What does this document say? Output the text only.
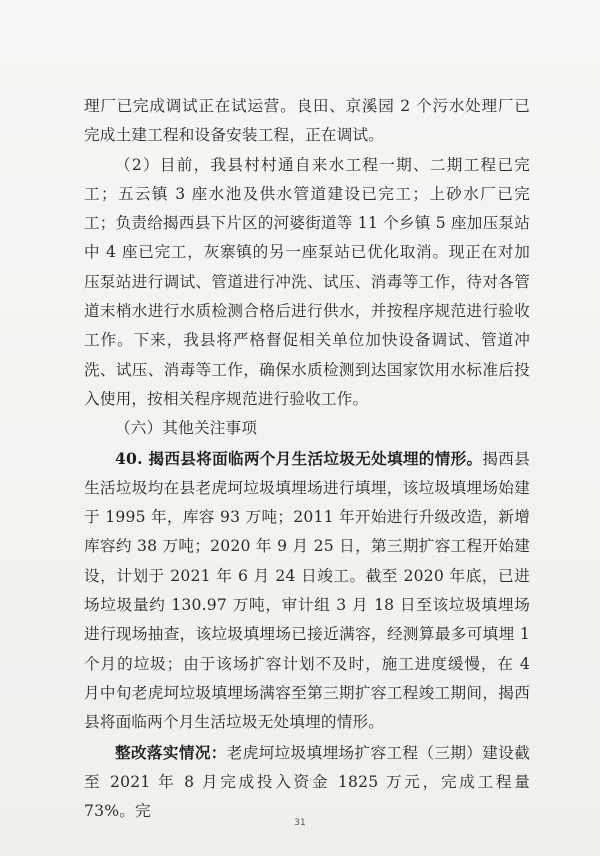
理厂已完成调试正在试运营。良田、京溪园 2 个污水处理厂已完成土建工程和设备安装工程，正在调试。

（2）目前，我县村村通自来水工程一期、二期工程已完工；五云镇 3 座水池及供水管道建设已完工；上砂水厂已完工；负责给揭西县下片区的河婆街道等 11 个乡镇 5 座加压泵站中 4 座已完工，灰寨镇的另一座泵站已优化取消。现正在对加压泵站进行调试、管道进行冲洗、试压、消毒等工作，待对各管道末梢水进行水质检测合格后进行供水，并按程序规范进行验收工作。下来，我县将严格督促相关单位加快设备调试、管道冲洗、试压、消毒等工作，确保水质检测到达国家饮用水标准后投入使用，按相关程序规范进行验收工作。

（六）其他关注事项

40. 揭西县将面临两个月生活垃圾无处填埋的情形。揭西县生活垃圾均在县老虎坷垃圾填埋场进行填埋，该垃圾填埋场始建于 1995 年，库容 93 万吨；2011 年开始进行升级改造，新增库容约 38 万吨；2020 年 9 月 25 日，第三期扩容工程开始建设，计划于 2021 年 6 月 24 日竣工。截至 2020 年底，已进场垃圾量约 130.97 万吨，审计组 3 月 18 日至该垃圾填埋场进行现场抽查，该垃圾填埋场已接近满容，经测算最多可填埋 1 个月的垃圾；由于该场扩容计划不及时，施工进度缓慢，在 4 月中旬老虎坷垃圾填埋场满容至第三期扩容工程竣工期间，揭西县将面临两个月生活垃圾无处填埋的情形。

整改落实情况：老虎坷垃圾填埋场扩容工程（三期）建设截至 2021 年 8 月完成投入资金 1825 万元，完成工程量 73%。完

31
